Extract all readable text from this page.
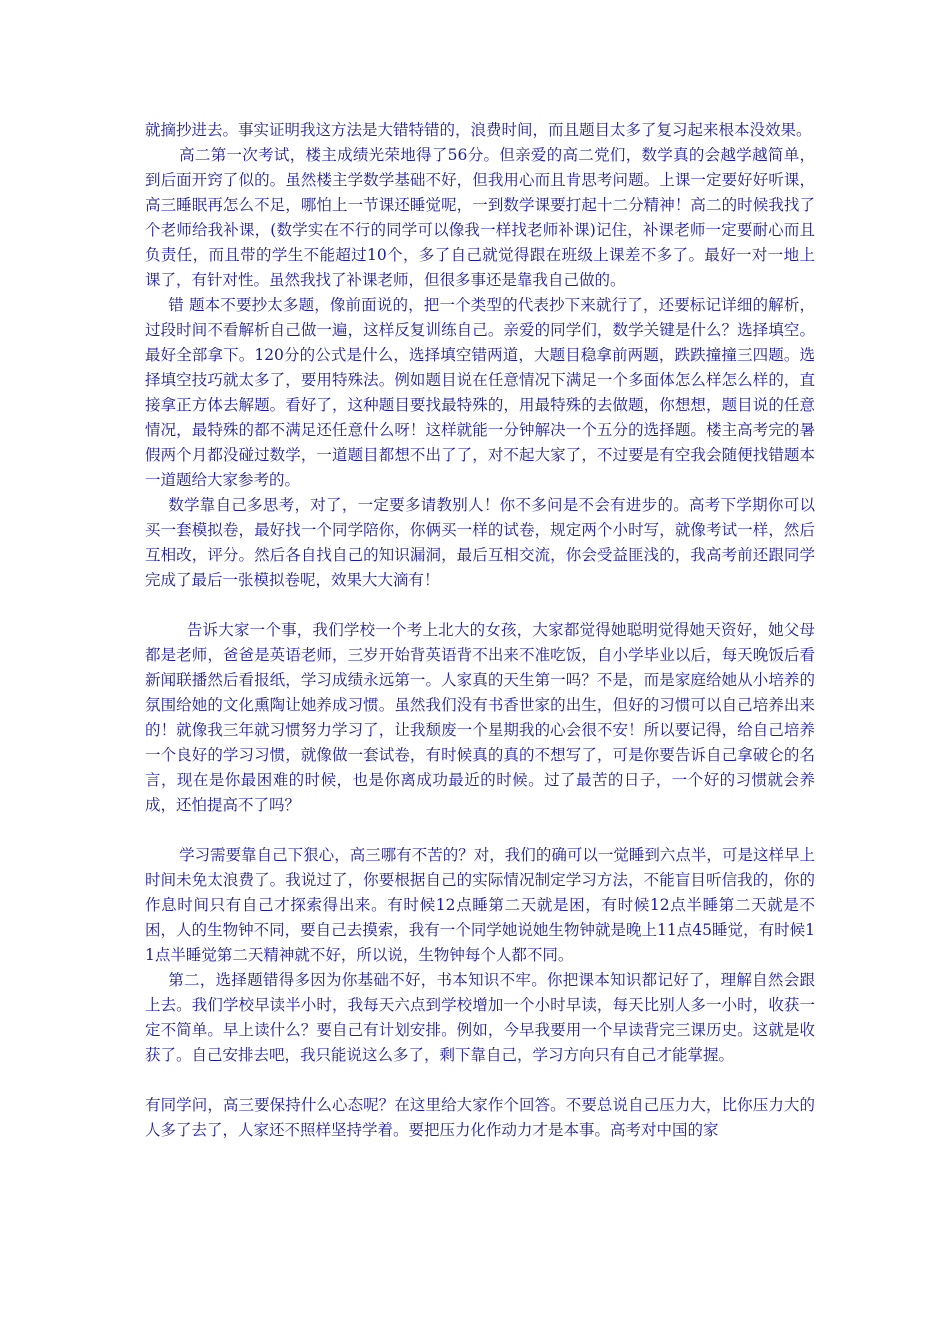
就摘抄进去。事实证明我这方法是大错特错的，浪费时间，而且题目太多了复习起来根本没效果。

高二第一次考试，楼主成绩光荣地得了56分。但亲爱的高二党们，数学真的会越学越简单，到后面开窍了似的。虽然楼主学数学基础不好，但我用心而且肯思考问题。上课一定要好好听课，高三睡眠再怎么不足，哪怕上一节课还睡觉呢，一到数学课要打起十二分精神！高二的时候我找了个老师给我补课，(数学实在不行的同学可以像我一样找老师补课)记住，补课老师一定要耐心而且负责任，而且带的学生不能超过10个，多了自己就觉得跟在班级上课差不多了。最好一对一地上课了，有针对性。虽然我找了补课老师，但很多事还是靠我自己做的。

错 题本不要抄太多题，像前面说的，把一个类型的代表抄下来就行了，还要标记详细的解析，过段时间不看解析自己做一遍，这样反复训练自己。亲爱的同学们，数学关键是什么？选择填空。最好全部拿下。120分的公式是什么，选择填空错两道，大题目稳拿前两题，跌跌撞撞三四题。选择填空技巧就太多了，要用特殊法。例如题目说在任意情况下满足一个多面体怎么样怎么样的，直接拿正方体去解题。看好了，这种题目要找最特殊的，用最特殊的去做题，你想想，题目说的任意情况，最特殊的都不满足还任意什么呀！这样就能一分钟解决一个五分的选择题。楼主高考完的暑假两个月都没碰过数学，一道题目都想不出了了，对不起大家了，不过要是有空我会随便找错题本一道题给大家参考的。

数学靠自己多思考，对了，一定要多请教别人！你不多问是不会有进步的。高考下学期你可以买一套模拟卷，最好找一个同学陪你，你俩买一样的试卷，规定两个小时写，就像考试一样，然后互相改，评分。然后各自找自己的知识漏洞，最后互相交流，你会受益匪浅的，我高考前还跟同学完成了最后一张模拟卷呢，效果大大滴有！

告诉大家一个事，我们学校一个考上北大的女孩，大家都觉得她聪明觉得她天资好，她父母都是老师，爸爸是英语老师，三岁开始背英语背不出来不准吃饭，自小学毕业以后，每天晚饭后看新闻联播然后看报纸，学习成绩永远第一。人家真的天生第一吗？不是，而是家庭给她从小培养的氛围给她的文化熏陶让她养成习惯。虽然我们没有书香世家的出生，但好的习惯可以自己培养出来的！就像我三年就习惯努力学习了，让我颓废一个星期我的心会很不安！所以要记得，给自己培养一个良好的学习习惯，就像做一套试卷，有时候真的真的不想写了，可是你要告诉自己拿破仑的名言，现在是你最困难的时候，也是你离成功最近的时候。过了最苦的日子，一个好的习惯就会养成，还怕提高不了吗？

学习需要靠自己下狠心，高三哪有不苦的？对，我们的确可以一觉睡到六点半，可是这样早上时间未免太浪费了。我说过了，你要根据自己的实际情况制定学习方法，不能盲目听信我的，你的作息时间只有自己才探索得出来。有时候12点睡第二天就是困，有时候12点半睡第二天就是不困，人的生物钟不同，要自己去摸索，我有一个同学她说她生物钟就是晚上11点45睡觉，有时候11点半睡觉第二天精神就不好，所以说，生物钟每个人都不同。

第二，选择题错得多因为你基础不好，书本知识不牢。你把课本知识都记好了，理解自然会跟上去。我们学校早读半小时，我每天六点到学校增加一个小时早读，每天比别人多一小时，收获一定不简单。早上读什么？要自己有计划安排。例如，今早我要用一个早读背完三课历史。这就是收获了。自己安排去吧，我只能说这么多了，剩下靠自己，学习方向只有自己才能掌握。

有同学问，高三要保持什么心态呢？在这里给大家作个回答。不要总说自己压力大，比你压力大的人多了去了，人家还不照样坚持学着。要把压力化作动力才是本事。高考对中国的家
